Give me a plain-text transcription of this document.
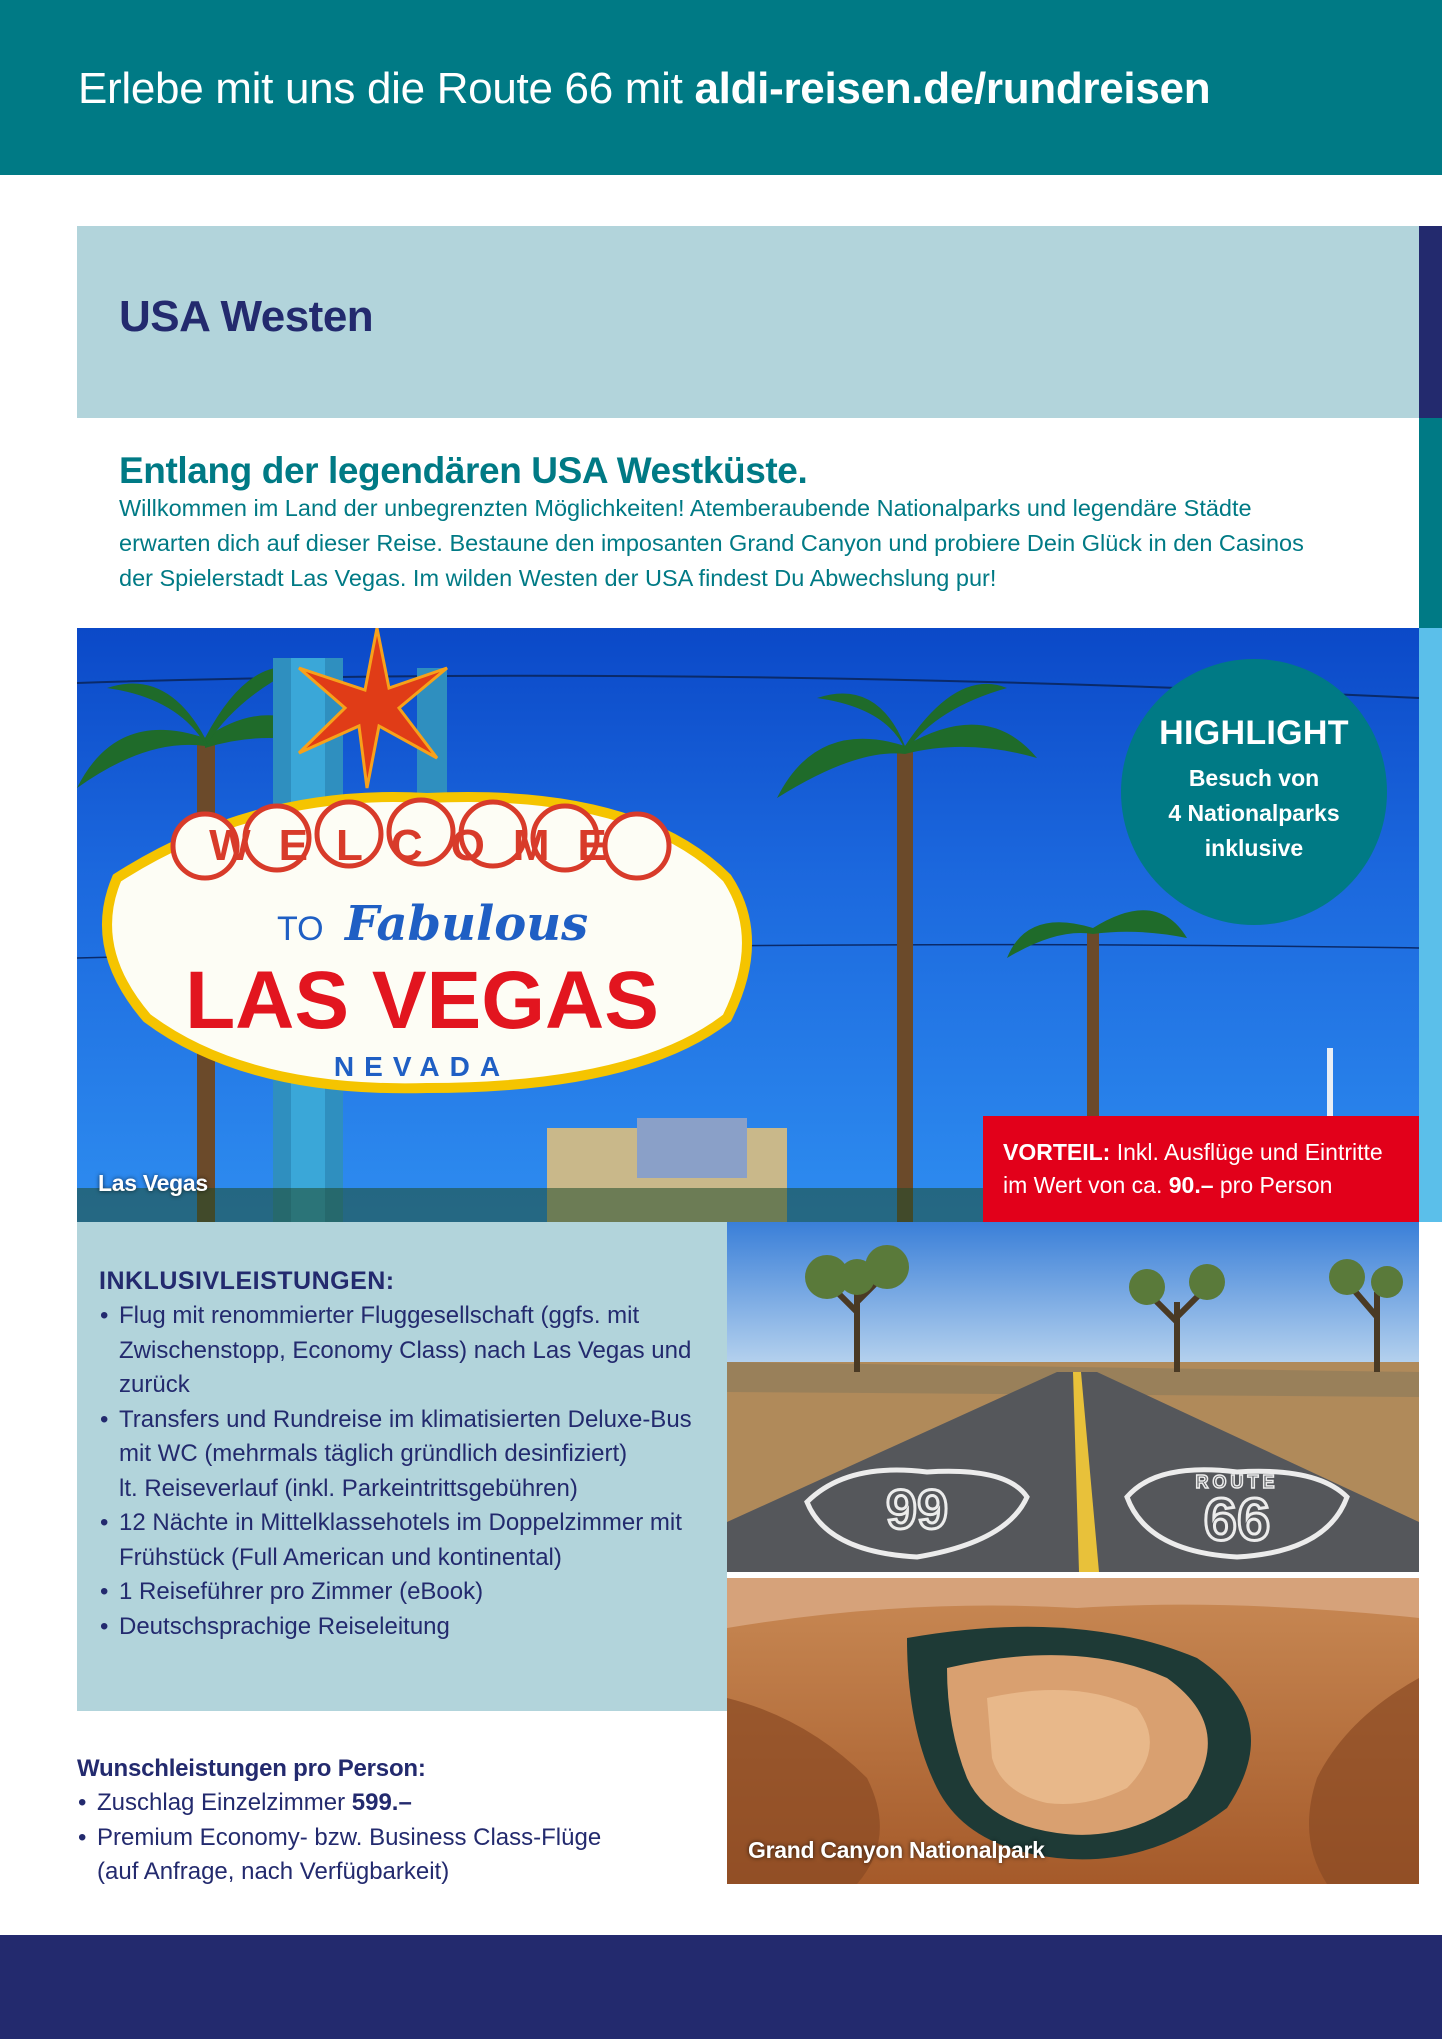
Erlebe mit uns die Route 66 mit aldi-reisen.de/rundreisen
USA Westen
Entlang der legendären USA Westküste.

Willkommen im Land der unbegrenzten Möglichkeiten! Atemberaubende Nationalparks und legendäre Städte
erwarten dich auf dieser Reise. Bestaune den imposanten Grand Canyon und probiere Dein Glück in den Casinos
der Spielerstadt Las Vegas. Im wilden Westen der USA findest Du Abwechslung pur!

WELCOME
TO Fabulous
LAS VEGAS
NEVADA
Las Vegas
HIGHLIGHT
Besuch von
4 Nationalparks
inklusive
VORTEIL: Inkl. Ausflüge und Eintritte
im Wert von ca. 90.– pro Person
INKLUSIVLEISTUNGEN:
• Flug mit renommierter Fluggesellschaft (ggfs. mit
Zwischenstopp, Economy Class) nach Las Vegas und
zurück
• Transfers und Rundreise im klimatisierten Deluxe-Bus
mit WC (mehrmals täglich gründlich desinfiziert)
lt. Reiseverlauf (inkl. Parkeintrittsgebühren)
• 12 Nächte in Mittelklassehotels im Doppelzimmer mit
Frühstück (Full American und kontinental)
• 1 Reiseführer pro Zimmer (eBook)
• Deutschsprachige Reiseleitung
66	66
ROUTE
Grand Canyon Nationalpark
Wunschleistungen pro Person:
• Zuschlag Einzelzimmer 599.–
• Premium Economy- bzw. Business Class-Flüge
(auf Anfrage, nach Verfügbarkeit)
